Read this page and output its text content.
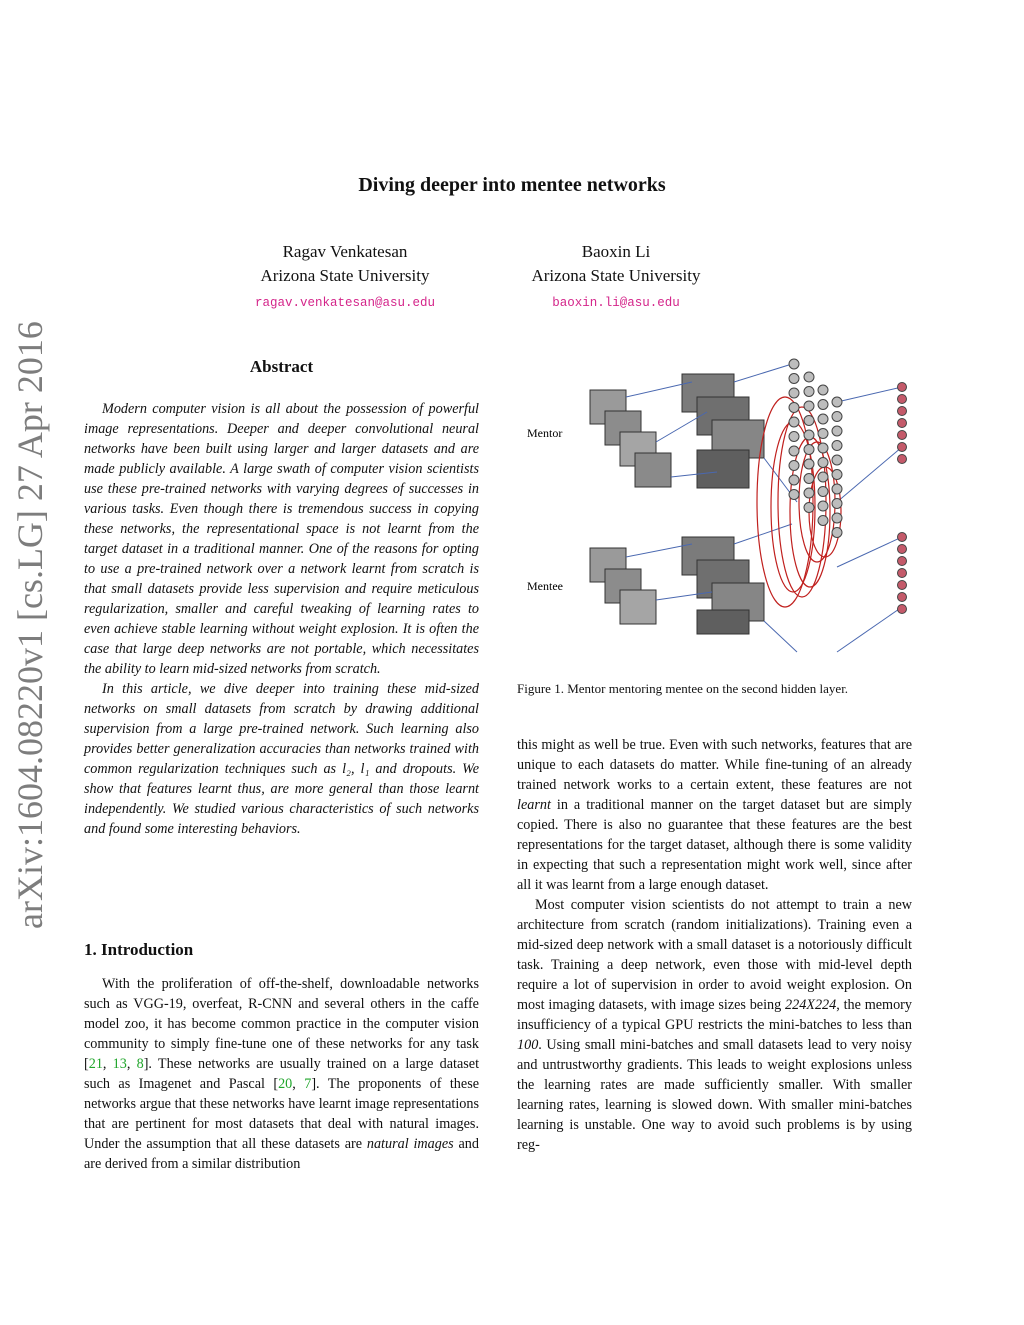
arXiv:1604.08220v1 [cs.LG] 27 Apr 2016
Diving deeper into mentee networks
Ragav Venkatesan
Arizona State University
ragav.venkatesan@asu.edu
Baoxin Li
Arizona State University
baoxin.li@asu.edu
Abstract

Modern computer vision is all about the possession of powerful image representations. Deeper and deeper convolutional neural networks have been built using larger and larger datasets and are made publicly available. A large swath of computer vision scientists use these pre-trained networks with varying degrees of successes in various tasks. Even though there is tremendous success in copying these networks, the representational space is not learnt from the target dataset in a traditional manner. One of the reasons for opting to use a pre-trained network over a network learnt from scratch is that small datasets provide less supervision and require meticulous regularization, smaller and careful tweaking of learning rates to even achieve stable learning without weight explosion. It is often the case that large deep networks are not portable, which necessitates the ability to learn mid-sized networks from scratch.

In this article, we dive deeper into training these mid-sized networks on small datasets from scratch by drawing additional supervision from a large pre-trained network. Such learning also provides better generalization accuracies than networks trained with common regularization techniques such as l₂, l₁ and dropouts. We show that features learnt thus, are more general than those learnt independently. We studied various characteristics of such networks and found some interesting behaviors.

1. Introduction

With the proliferation of off-the-shelf, downloadable networks such as VGG-19, overfeat, R-CNN and several others in the caffe model zoo, it has become common practice in the computer vision community to simply fine-tune one of these networks for any task [21, 13, 8]. These networks are usually trained on a large dataset such as Imagenet and Pascal [20, 7]. The proponents of these networks argue that these networks have learnt image representations that are pertinent for most datasets that deal with natural images. Under the assumption that all these datasets are natural images and are derived from a similar distribution

Mentor
Mentee
Figure 1. Mentor mentoring mentee on the second hidden layer.

this might as well be true. Even with such networks, features that are unique to each datasets do matter. While fine-tuning of an already trained network works to a certain extent, these features are not learnt in a traditional manner on the target dataset but are simply copied. There is also no guarantee that these features are the best representations for the target dataset, although there is some validity in expecting that such a representation might work well, since after all it was learnt from a large enough dataset.

Most computer vision scientists do not attempt to train a new architecture from scratch (random initializations). Training even a mid-sized deep network with a small dataset is a notoriously difficult task. Training a deep network, even those with mid-level depth require a lot of supervision in order to avoid weight explosion. On most imaging datasets, with image sizes being 224X224, the memory insufficiency of a typical GPU restricts the mini-batches to less than 100. Using small mini-batches and small datasets lead to very noisy and untrustworthy gradients. This leads to weight explosions unless the learning rates are made sufficiently smaller. With smaller learning rates, learning is slowed down. With smaller mini-batches learning is unstable. One way to avoid such problems is by using reg-
